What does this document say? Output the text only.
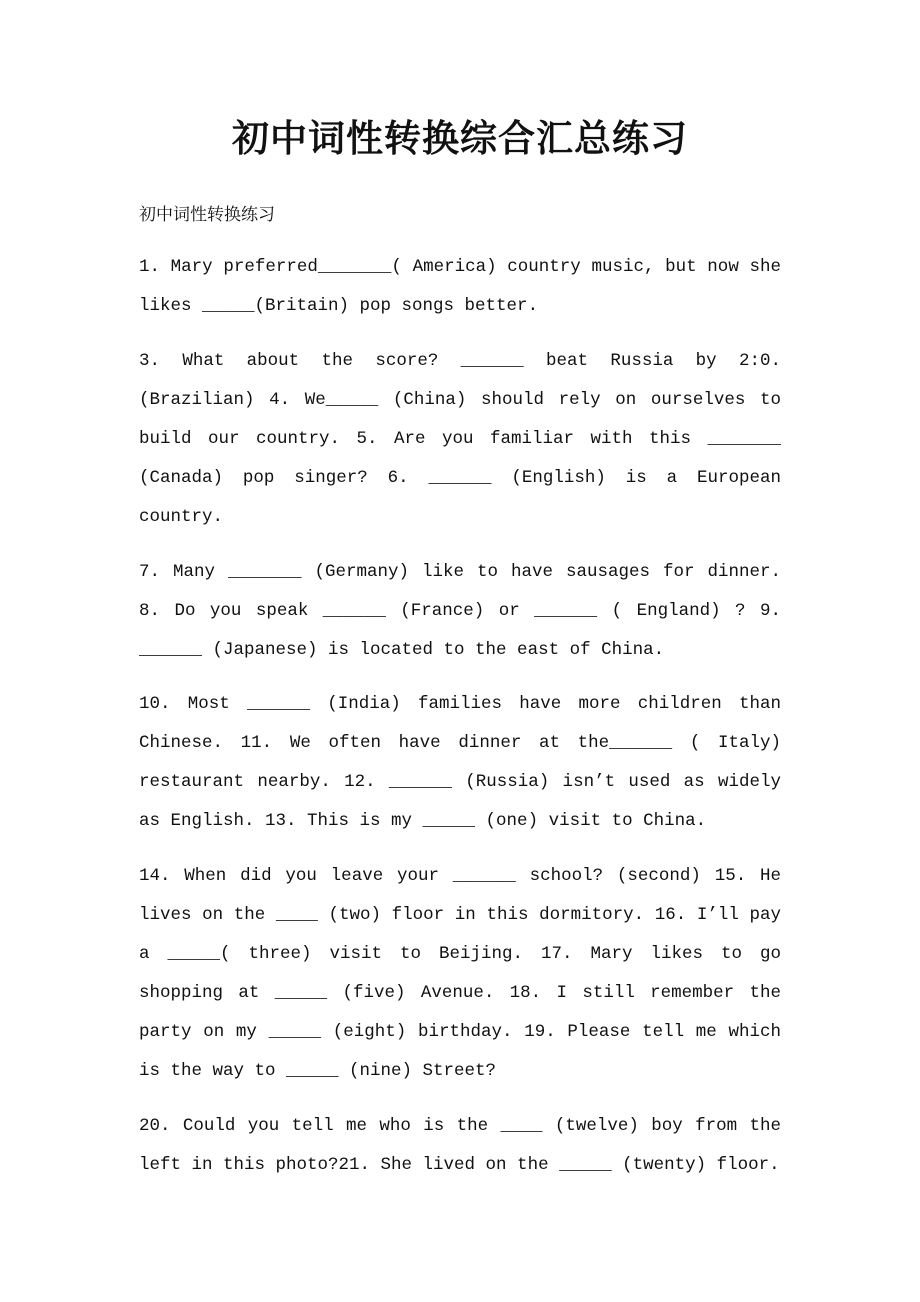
初中词性转换综合汇总练习

初中词性转换练习

1. Mary preferred_______( America) country music, but now she likes _____(Britain) pop songs better.

3. What about the score? ______ beat Russia by 2:0. (Brazilian) 4. We_____ (China) should rely on ourselves to build our country. 5. Are you familiar with this _______ (Canada) pop singer? 6. ______ (English) is a European country.

7. Many _______ (Germany) like to have sausages for dinner. 8. Do you speak ______ (France) or ______ ( England) ? 9. ______ (Japanese) is located to the east of China.

10. Most ______ (India) families have more children than Chinese. 11. We often have dinner at the______ ( Italy) restaurant nearby. 12. ______ (Russia) isn’t used as widely as English. 13. This is my _____ (one) visit to China.

14. When did you leave your ______ school? (second) 15. He lives on the ____ (two) floor in this dormitory. 16. I’ll pay a _____( three) visit to Beijing. 17. Mary likes to go shopping at _____ (five) Avenue. 18. I still remember the party on my _____ (eight) birthday. 19. Please tell me which is the way to _____ (nine) Street?

20. Could you tell me who is the ____ (twelve) boy from the left in this photo?21. She lived on the _____ (twenty) floor.
